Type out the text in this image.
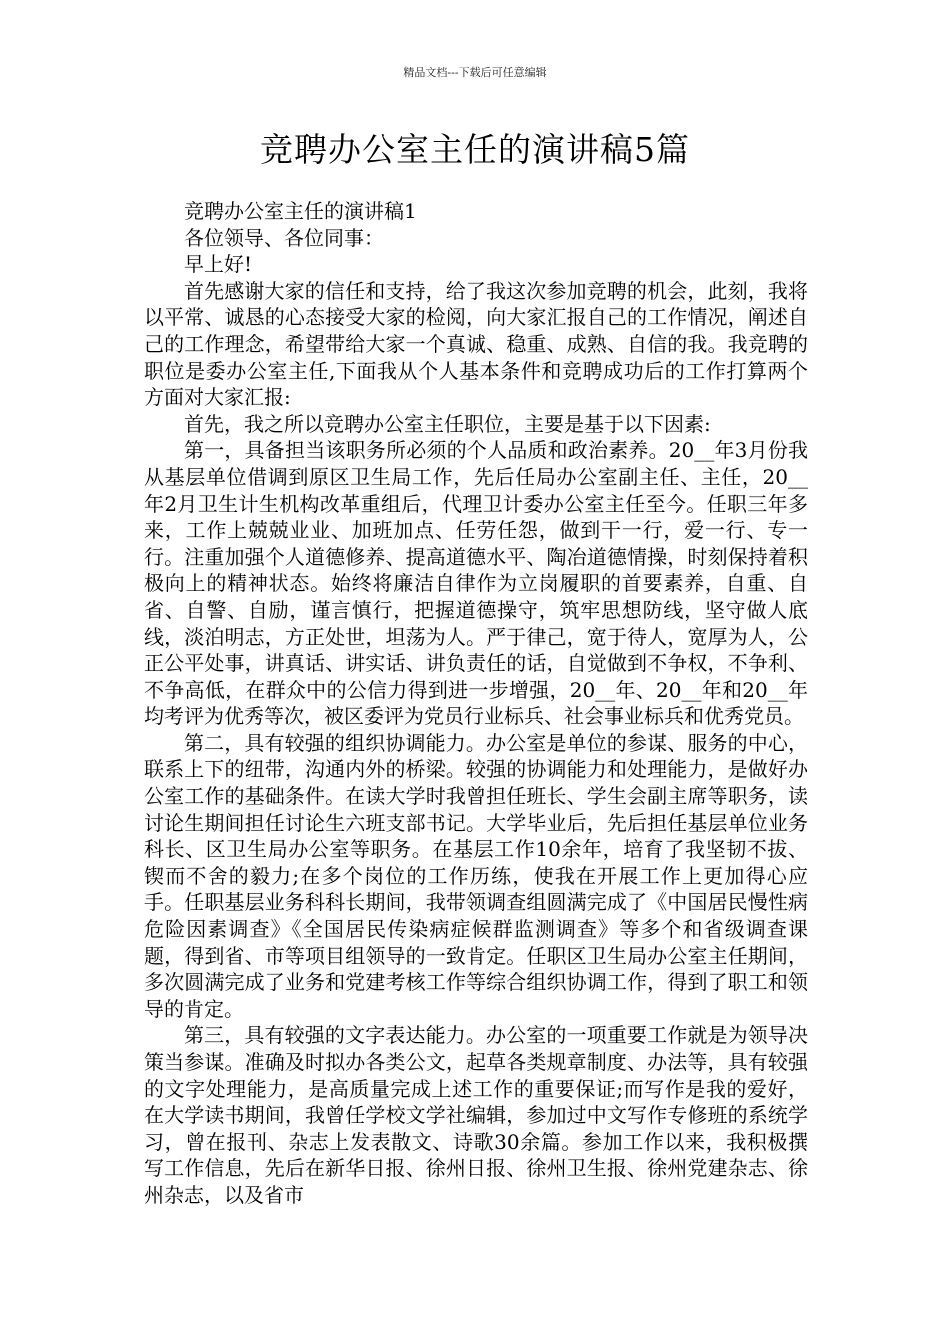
精品文档---下载后可任意编辑
竞聘办公室主任的演讲稿5篇

竞聘办公室主任的演讲稿1

各位领导、各位同事：

早上好!

首先感谢大家的信任和支持，给了我这次参加竞聘的机会，此刻，我将以平常、诚恳的心态接受大家的检阅，向大家汇报自己的工作情况，阐述自己的工作理念，希望带给大家一个真诚、稳重、成熟、自信的我。我竞聘的职位是委办公室主任,下面我从个人基本条件和竞聘成功后的工作打算两个方面对大家汇报:

首先，我之所以竞聘办公室主任职位，主要是基于以下因素:

第一，具备担当该职务所必须的个人品质和政治素养。20__年3月份我从基层单位借调到原区卫生局工作，先后任局办公室副主任、主任，20__年2月卫生计生机构改革重组后，代理卫计委办公室主任至今。任职三年多来，工作上兢兢业业、加班加点、任劳任怨，做到干一行，爱一行、专一行。注重加强个人道德修养、提高道德水平、陶冶道德情操，时刻保持着积极向上的精神状态。始终将廉洁自律作为立岗履职的首要素养，自重、自省、自警、自励，谨言慎行，把握道德操守，筑牢思想防线，坚守做人底线，淡泊明志，方正处世，坦荡为人。严于律己，宽于待人，宽厚为人，公正公平处事，讲真话、讲实话、讲负责任的话，自觉做到不争权，不争利、不争高低，在群众中的公信力得到进一步增强，20__年、20__年和20__年均考评为优秀等次，被区委评为党员行业标兵、社会事业标兵和优秀党员。

第二，具有较强的组织协调能力。办公室是单位的参谋、服务的中心，联系上下的纽带，沟通内外的桥梁。较强的协调能力和处理能力，是做好办公室工作的基础条件。在读大学时我曾担任班长、学生会副主席等职务，读讨论生期间担任讨论生六班支部书记。大学毕业后，先后担任基层单位业务科长、区卫生局办公室等职务。在基层工作10余年，培育了我坚韧不拔、锲而不舍的毅力;在多个岗位的工作历练，使我在开展工作上更加得心应手。任职基层业务科科长期间，我带领调查组圆满完成了《中国居民慢性病危险因素调查》《全国居民传染病症候群监测调查》等多个和省级调查课题，得到省、市等项目组领导的一致肯定。任职区卫生局办公室主任期间，多次圆满完成了业务和党建考核工作等综合组织协调工作，得到了职工和领导的肯定。

第三，具有较强的文字表达能力。办公室的一项重要工作就是为领导决策当参谋。准确及时拟办各类公文，起草各类规章制度、办法等，具有较强的文字处理能力，是高质量完成上述工作的重要保证;而写作是我的爱好，在大学读书期间，我曾任学校文学社编辑，参加过中文写作专修班的系统学习，曾在报刊、杂志上发表散文、诗歌30余篇。参加工作以来，我积极撰写工作信息，先后在新华日报、徐州日报、徐州卫生报、徐州党建杂志、徐州杂志，以及省市
